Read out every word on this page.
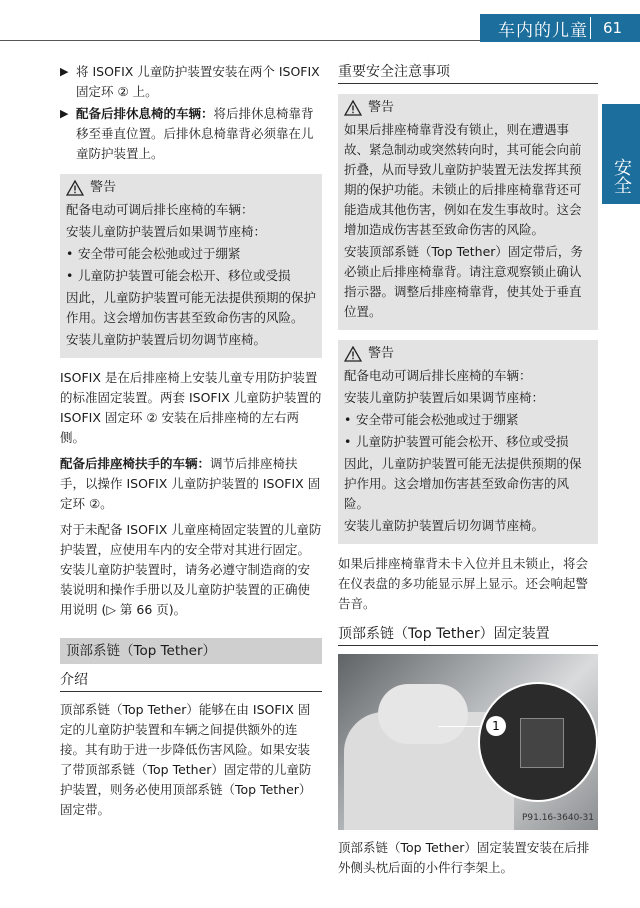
车内的儿童	61
安全
▶ 将 ISOFIX 儿童防护装置安装在两个 ISOFIX 固定环 ② 上。
▶ 配备后排休息椅的车辆：将后排休息椅靠背移至垂直位置。后排休息椅靠背必须靠在儿童防护装置上。
警告

配备电动可调后排长座椅的车辆：

安装儿童防护装置后如果调节座椅：

• 安全带可能会松弛或过于绷紧

• 儿童防护装置可能会松开、移位或受损

因此，儿童防护装置可能无法提供预期的保护作用。这会增加伤害甚至致命伤害的风险。

安装儿童防护装置后切勿调节座椅。

ISOFIX 是在后排座椅上安装儿童专用防护装置的标准固定装置。两套 ISOFIX 儿童防护装置的 ISOFIX 固定环 ② 安装在后排座椅的左右两侧。

配备后排座椅扶手的车辆：调节后排座椅扶手，以操作 ISOFIX 儿童防护装置的 ISOFIX 固定环 ②。

对于未配备 ISOFIX 儿童座椅固定装置的儿童防护装置，应使用车内的安全带对其进行固定。安装儿童防护装置时，请务必遵守制造商的安装说明和操作手册以及儿童防护装置的正确使用说明 (▷ 第 66 页)。

顶部系链（Top Tether）
介绍

顶部系链（Top Tether）能够在由 ISOFIX 固定的儿童防护装置和车辆之间提供额外的连接。其有助于进一步降低伤害风险。如果安装了带顶部系链（Top Tether）固定带的儿童防护装置，则务必使用顶部系链（Top Tether）固定带。

重要安全注意事项
警告

如果后排座椅靠背没有锁止，则在遭遇事故、紧急制动或突然转向时，其可能会向前折叠，从而导致儿童防护装置无法发挥其预期的保护功能。未锁止的后排座椅靠背还可能造成其他伤害，例如在发生事故时。这会增加造成伤害甚至致命伤害的风险。

安装顶部系链（Top Tether）固定带后，务必锁止后排座椅靠背。请注意观察锁止确认指示器。调整后排座椅靠背，使其处于垂直位置。

警告

配备电动可调后排长座椅的车辆：

安装儿童防护装置后如果调节座椅：

• 安全带可能会松弛或过于绷紧

• 儿童防护装置可能会松开、移位或受损

因此，儿童防护装置可能无法提供预期的保护作用。这会增加伤害甚至致命伤害的风险。

安装儿童防护装置后切勿调节座椅。

如果后排座椅靠背未卡入位并且未锁止，将会在仪表盘的多功能显示屏上显示。还会响起警告音。

顶部系链（Top Tether）固定装置
1
P91.16-3640-31

顶部系链（Top Tether）固定装置安装在后排外侧头枕后面的小件行李架上。
